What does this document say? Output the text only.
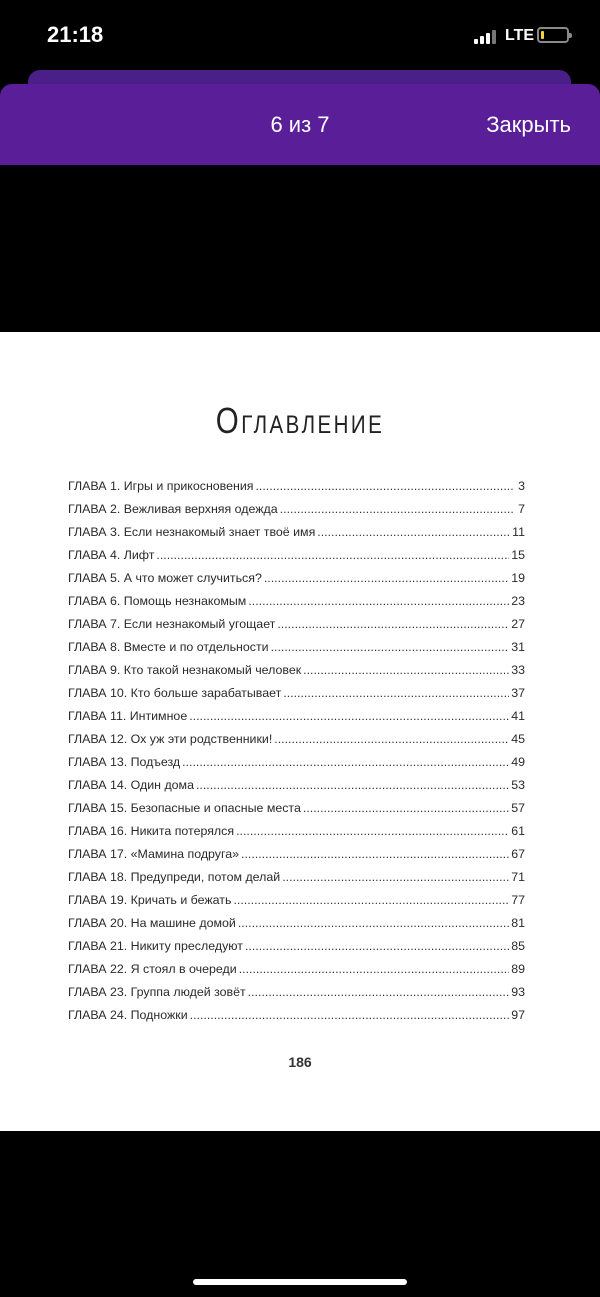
21:18	LTE
6 из 7	Закрыть
Оглавление
ГЛАВА 1. Игры и прикосновения .....	3
ГЛАВА 2. Вежливая верхняя одежда .....	7
ГЛАВА 3. Если незнакомый знает твоё имя .....	11
ГЛАВА 4. Лифт .....	15
ГЛАВА 5. А что может случиться? .....	19
ГЛАВА 6. Помощь незнакомым .....	23
ГЛАВА 7. Если незнакомый угощает .....	27
ГЛАВА 8. Вместе и по отдельности .....	31
ГЛАВА 9. Кто такой незнакомый человек .....	33
ГЛАВА 10. Кто больше зарабатывает .....	37
ГЛАВА 11. Интимное .....	41
ГЛАВА 12. Ох уж эти родственники! .....	45
ГЛАВА 13. Подъезд .....	49
ГЛАВА 14. Один дома .....	53
ГЛАВА 15. Безопасные и опасные места .....	57
ГЛАВА 16. Никита потерялся .....	61
ГЛАВА 17. «Мамина подруга» .....	67
ГЛАВА 18. Предупреди, потом делай .....	71
ГЛАВА 19. Кричать и бежать .....	77
ГЛАВА 20. На машине домой .....	81
ГЛАВА 21. Никиту преследуют .....	85
ГЛАВА 22. Я стоял в очереди .....	89
ГЛАВА 23. Группа людей зовёт .....	93
ГЛАВА 24. Подножки .....	97
186
